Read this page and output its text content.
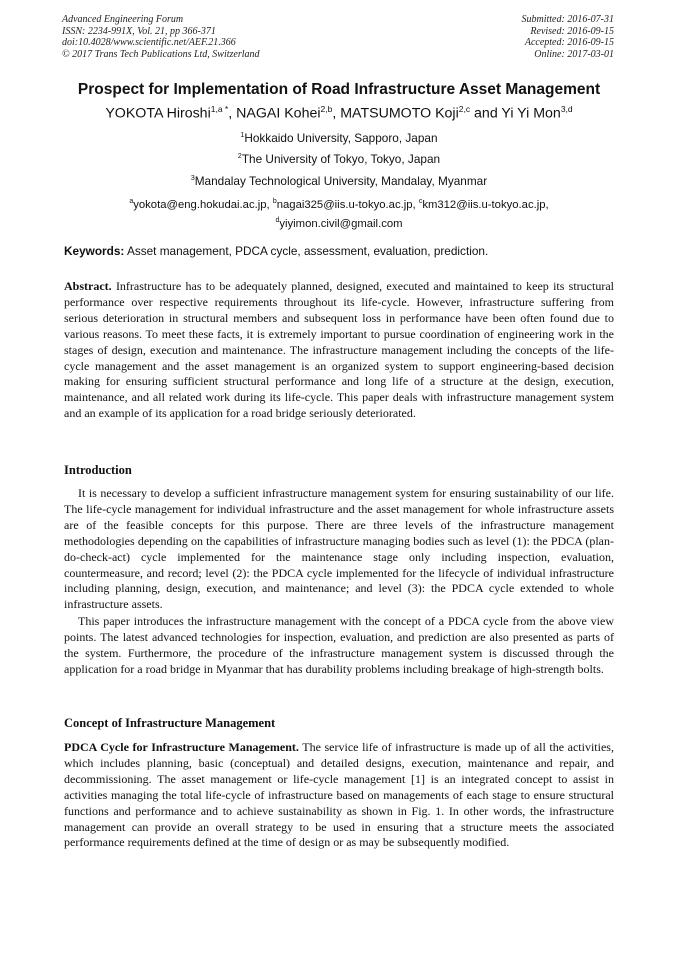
Advanced Engineering Forum
ISSN: 2234-991X, Vol. 21, pp 366-371
doi:10.4028/www.scientific.net/AEF.21.366
© 2017 Trans Tech Publications Ltd, Switzerland
Submitted: 2016-07-31
Revised: 2016-09-15
Accepted: 2016-09-15
Online: 2017-03-01
Prospect for Implementation of Road Infrastructure Asset Management
YOKOTA Hiroshi$^{1,a *}$, NAGAI Kohei$^{2,b}$, MATSUMOTO Koji$^{2,c}$ and Yi Yi Mon$^{3,d}$
$^1$Hokkaido University, Sapporo, Japan
$^2$The University of Tokyo, Tokyo, Japan
$^3$Mandalay Technological University, Mandalay, Myanmar
$^a$yokota@eng.hokudai.ac.jp, $^b$nagai325@iis.u-tokyo.ac.jp, $^c$km312@iis.u-tokyo.ac.jp,
$^d$yiyimon.civil@gmail.com
Keywords: Asset management, PDCA cycle, assessment, evaluation, prediction.

Abstract. Infrastructure has to be adequately planned, designed, executed and maintained to keep its structural performance over respective requirements throughout its life-cycle. However, infrastructure suffering from serious deterioration in structural members and subsequent loss in performance have been often found due to various reasons. To meet these facts, it is extremely important to pursue coordination of engineering work in the stages of design, execution and maintenance. The infrastructure management including the concepts of the life-cycle management and the asset management is an organized system to support engineering-based decision making for ensuring sufficient structural performance and long life of a structure at the design, execution, maintenance, and all related work during its life-cycle. This paper deals with infrastructure management system and an example of its application for a road bridge seriously deteriorated.

Introduction

It is necessary to develop a sufficient infrastructure management system for ensuring sustainability of our life. The life-cycle management for individual infrastructure and the asset management for whole infrastructure assets are of the feasible concepts for this purpose. There are three levels of the infrastructure management methodologies depending on the capabilities of infrastructure managing bodies such as level (1): the PDCA (plan-do-check-act) cycle implemented for the maintenance stage only including inspection, evaluation, countermeasure, and record; level (2): the PDCA cycle implemented for the lifecycle of individual infrastructure including planning, design, execution, and maintenance; and level (3): the PDCA cycle extended to whole infrastructure assets.

This paper introduces the infrastructure management with the concept of a PDCA cycle from the above view points. The latest advanced technologies for inspection, evaluation, and prediction are also presented as parts of the system. Furthermore, the procedure of the infrastructure management system is discussed through the application for a road bridge in Myanmar that has durability problems including breakage of high-strength bolts.

Concept of Infrastructure Management

PDCA Cycle for Infrastructure Management. The service life of infrastructure is made up of all the activities, which includes planning, basic (conceptual) and detailed designs, execution, maintenance and repair, and decommissioning. The asset management or life-cycle management [1] is an integrated concept to assist in activities managing the total life-cycle of infrastructure based on managements of each stage to ensure structural functions and performance and to achieve sustainability as shown in Fig. 1. In other words, the infrastructure management can provide an overall strategy to be used in ensuring that a structure meets the associated performance requirements defined at the time of design or as may be subsequently modified.
